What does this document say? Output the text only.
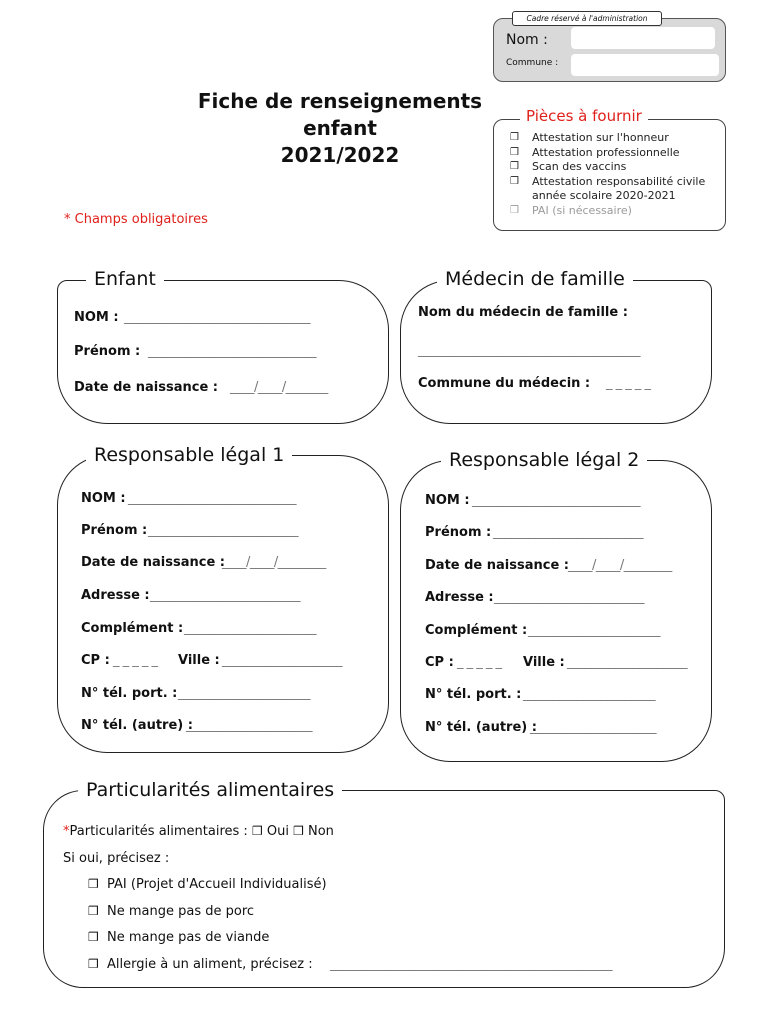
Cadre réservé à l'administration
Nom :
Commune :
Fiche de renseignements
enfant
2021/2022
* Champs obligatoires
Pièces à fournir
❒	Attestation sur l'honneur
❒	Attestation professionnelle
❒	Scan des vaccins
❒	Attestation responsabilité civile année scolaire 2020-2021
❒	PAI (si nécessaire)
Enfant
NOM : _______________________________
Prénom : ____________________________
Date de naissance : ____/____/_______
Médecin de famille
Nom du médecin de famille :
_____________________________________
Commune du médecin : _ _ _ _ _
Responsable légal 1
NOM : ____________________________
Prénom : _________________________
Date de naissance :
____/____/________
Adresse : _________________________
Complément : ______________________
CP : _ _ _ _ _ Ville : ____________________
N° tél. port. : ______________________
N° tél. (autre) :
_____________________
Responsable légal 2
NOM : ____________________________
Prénom : _________________________
Date de naissance :
____/____/________
Adresse : _________________________
Complément : ______________________
CP : _ _ _ _ _ Ville : ____________________
N° tél. port. : ______________________
N° tél. (autre) :
_____________________
Particularités alimentaires
*Particularités alimentaires : ❒ Oui ❒ Non
Si oui, précisez :
❒ PAI (Projet d'Accueil Individualisé)
❒ Ne mange pas de porc
❒ Ne mange pas de viande
❒ Allergie à un aliment, précisez : _______________________________________________
